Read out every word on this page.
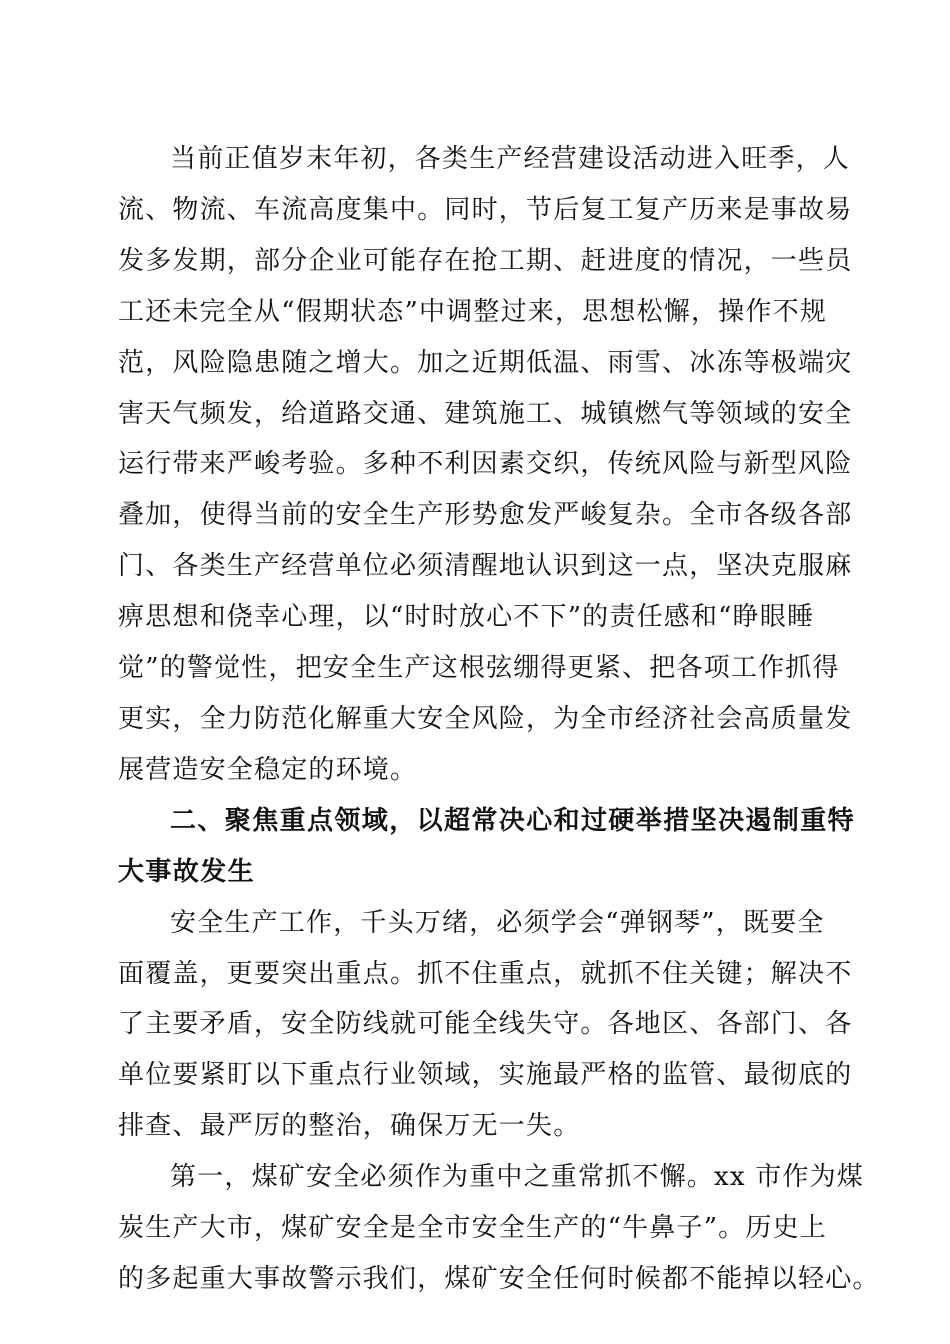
当前正值岁末年初，各类生产经营建设活动进入旺季，人
流、物流、车流高度集中。同时，节后复工复产历来是事故易
发多发期，部分企业可能存在抢工期、赶进度的情况，一些员
工还未完全从“假期状态”中调整过来，思想松懈，操作不规
范，风险隐患随之增大。加之近期低温、雨雪、冰冻等极端灾
害天气频发，给道路交通、建筑施工、城镇燃气等领域的安全
运行带来严峻考验。多种不利因素交织，传统风险与新型风险
叠加，使得当前的安全生产形势愈发严峻复杂。全市各级各部
门、各类生产经营单位必须清醒地认识到这一点，坚决克服麻
痹思想和侥幸心理，以“时时放心不下”的责任感和“睁眼睡
觉”的警觉性，把安全生产这根弦绷得更紧、把各项工作抓得
更实，全力防范化解重大安全风险，为全市经济社会高质量发
展营造安全稳定的环境。
二、聚焦重点领域，以超常决心和过硬举措坚决遏制重特
大事故发生
安全生产工作，千头万绪，必须学会“弹钢琴”，既要全
面覆盖，更要突出重点。抓不住重点，就抓不住关键；解决不
了主要矛盾，安全防线就可能全线失守。各地区、各部门、各
单位要紧盯以下重点行业领域，实施最严格的监管、最彻底的
排查、最严厉的整治，确保万无一失。
第一，煤矿安全必须作为重中之重常抓不懈。xx 市作为煤
炭生产大市，煤矿安全是全市安全生产的“牛鼻子”。历史上
的多起重大事故警示我们，煤矿安全任何时候都不能掉以轻心。
